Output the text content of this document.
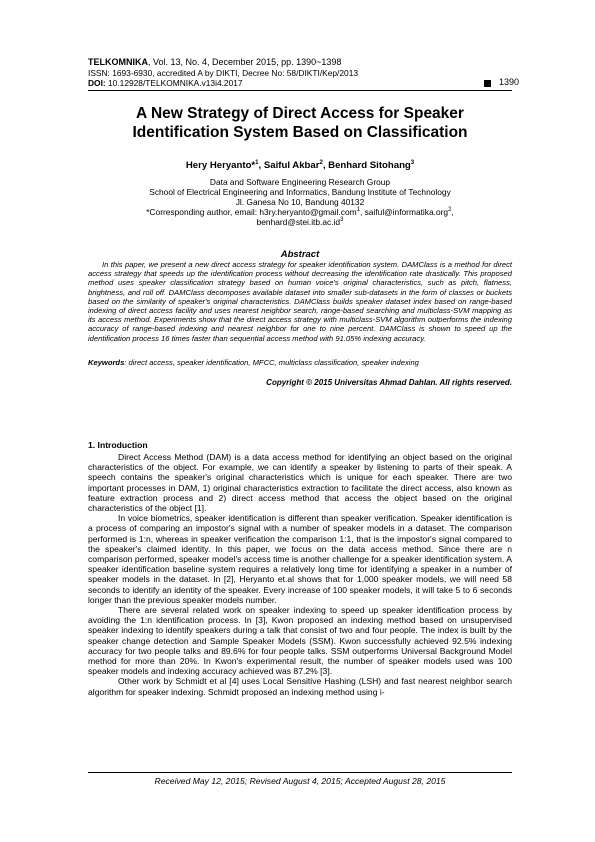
TELKOMNIKA, Vol. 13, No. 4, December 2015, pp. 1390~1398
ISSN: 1693-6930, accredited A by DIKTI, Decree No: 58/DIKTI/Kep/2013
DOI: 10.12928/TELKOMNIKA.v13i4.2017	1390
A New Strategy of Direct Access for Speaker Identification System Based on Classification
Hery Heryanto*$^1$, Saiful Akbar$^2$, Benhard Sitohang$^3$
Data and Software Engineering Research Group
School of Electrical Engineering and Informatics, Bandung Institute of Technology
Jl. Ganesa No 10, Bandung 40132
*Corresponding author, email: h3ry.heryanto@gmail.com$^1$, saiful@informatika.org$^2$,
$benhard@stei.itb.ac.id^3$
Abstract
In this paper, we present a new direct access strategy for speaker identification system. DAMClass is a method for direct access strategy that speeds up the identification process without decreasing the identification rate drastically. This proposed method uses speaker classification strategy based on human voice's original characteristics, such as pitch, flatness, brightness, and roll off. DAMClass decomposes available dataset into smaller sub-datasets in the form of classes or buckets based on the similarity of speaker's original characteristics. DAMClass builds speaker dataset index based on range-based indexing of direct access facility and uses nearest neighbor search, range-based searching and multiclass-SVM mapping as its access method. Experiments show that the direct access strategy with multiclass-SVM algorithm outperforms the indexing accuracy of range-based indexing and nearest neighbor for one to nine percent. DAMClass is shown to speed up the identification process 16 times faster than sequential access method with 91.05% indexing accuracy.
Keywords: direct access, speaker identification, MFCC, multiclass classification, speaker indexing
Copyright © 2015 Universitas Ahmad Dahlan. All rights reserved.
1. Introduction

Direct Access Method (DAM) is a data access method for identifying an object based on the original characteristics of the object. For example, we can identify a speaker by listening to parts of their speak. A speech contains the speaker's original characteristics which is unique for each speaker. There are two important processes in DAM, 1) original characteristics extraction to facilitate the direct access, also known as feature extraction process and 2) direct access method that access the object based on the original characteristics of the object [1].

In voice biometrics, speaker identification is different than speaker verification. Speaker identification is a process of comparing an impostor's signal with a number of speaker models in a dataset. The comparison performed is 1:n, whereas in speaker verification the comparison 1:1, that is the impostor's signal compared to the speaker's claimed identity. In this paper, we focus on the data access method. Since there are n comparison performed, speaker model's access time is another challenge for a speaker identification system. A speaker identification baseline system requires a relatively long time for identifying a speaker in a number of speaker models in the dataset. In [2], Heryanto et.al shows that for 1,000 speaker models, we will need 58 seconds to identify an identity of the speaker. Every increase of 100 speaker models, it will take 5 to 6 seconds longer than the previous speaker models number.

There are several related work on speaker indexing to speed up speaker identification process by avoiding the 1:n identification process. In [3], Kwon proposed an indexing method based on unsupervised speaker indexing to identify speakers during a talk that consist of two and four people. The index is built by the speaker change detection and Sample Speaker Models (SSM). Kwon successfully achieved 92.5% indexing accuracy for two people talks and 89.6% for four people talks. SSM outperforms Universal Background Model method for more than 20%. In Kwon's experimental result, the number of speaker models used was 100 speaker models and indexing accuracy achieved was 87.2% [3].

Other work by Schmidt et al [4] uses Local Sensitive Hashing (LSH) and fast nearest neighbor search algorithm for speaker indexing. Schmidt proposed an indexing method using i-

Received May 12, 2015; Revised August 4, 2015; Accepted August 28, 2015
